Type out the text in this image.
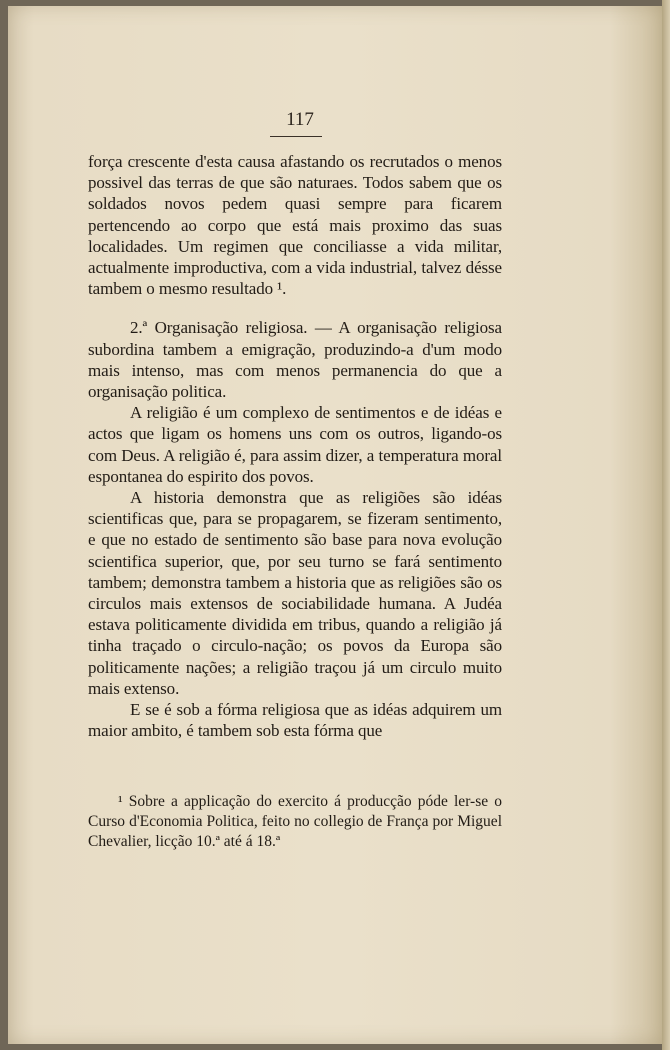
117

força crescente d'esta causa afastando os recrutados o menos possivel das terras de que são naturaes. Todos sabem que os soldados novos pedem quasi sempre para ficarem pertencendo ao corpo que está mais proximo das suas localidades. Um regimen que conciliasse a vida militar, actualmente improductiva, com a vida industrial, talvez désse tambem o mesmo resultado ¹.

2.ª Organisação religiosa. — A organisação religiosa subordina tambem a emigração, produzindo-a d'um modo mais intenso, mas com menos permanencia do que a organisação politica.

A religião é um complexo de sentimentos e de idéas e actos que ligam os homens uns com os outros, ligando-os com Deus. A religião é, para assim dizer, a temperatura moral espontanea do espirito dos povos.

A historia demonstra que as religiões são idéas scientificas que, para se propagarem, se fizeram sentimento, e que no estado de sentimento são base para nova evolução scientifica superior, que, por seu turno se fará sentimento tambem; demonstra tambem a historia que as religiões são os circulos mais extensos de sociabilidade humana. A Judéa estava politicamente dividida em tribus, quando a religião já tinha traçado o circulo-nação; os povos da Europa são politicamente nações; a religião traçou já um circulo muito mais extenso.

E se é sob a fórma religiosa que as idéas adquirem um maior ambito, é tambem sob esta fórma que

¹ Sobre a applicação do exercito á producção póde ler-se o Curso d'Economia Politica, feito no collegio de França por Miguel Chevalier, licção 10.ª até á 18.ª
